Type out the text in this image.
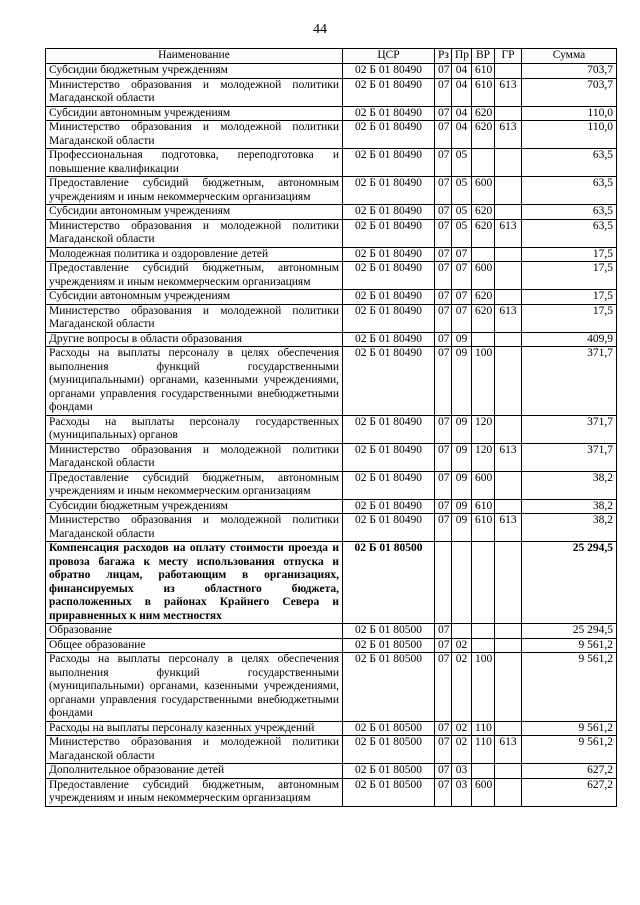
44
Наименование	ЦСР	Рз	Пр	ВР	ГР	Сумма
Субсидии бюджетным учреждениям	02 Б 01 80490	07	04	610		703,7
Министерство образования и молодежной политики Магаданской области	02 Б 01 80490	07	04	610	613	703,7
Субсидии автономным учреждениям	02 Б 01 80490	07	04	620		110,0
Министерство образования и молодежной политики Магаданской области	02 Б 01 80490	07	04	620	613	110,0
Профессиональная подготовка, переподготовка и повышение квалификации	02 Б 01 80490	07	05			63,5
Предоставление субсидий бюджетным, автономным учреждениям и иным некоммерческим организациям	02 Б 01 80490	07	05	600		63,5
Субсидии автономным учреждениям	02 Б 01 80490	07	05	620		63,5
Министерство образования и молодежной политики Магаданской области	02 Б 01 80490	07	05	620	613	63,5
Молодежная политика и оздоровление детей	02 Б 01 80490	07	07			17,5
Предоставление субсидий бюджетным, автономным учреждениям и иным некоммерческим организациям	02 Б 01 80490	07	07	600		17,5
Субсидии автономным учреждениям	02 Б 01 80490	07	07	620		17,5
Министерство образования и молодежной политики Магаданской области	02 Б 01 80490	07	07	620	613	17,5
Другие вопросы в области образования	02 Б 01 80490	07	09			409,9
Расходы на выплаты персоналу в целях обеспечения выполнения функций государственными (муниципальными) органами, казенными учреждениями, органами управления государственными внебюджетными фондами	02 Б 01 80490	07	09	100		371,7
Расходы на выплаты персоналу государственных (муниципальных) органов	02 Б 01 80490	07	09	120		371,7
Министерство образования и молодежной политики Магаданской области	02 Б 01 80490	07	09	120	613	371,7
Предоставление субсидий бюджетным, автономным учреждениям и иным некоммерческим организациям	02 Б 01 80490	07	09	600		38,2
Субсидии бюджетным учреждениям	02 Б 01 80490	07	09	610		38,2
Министерство образования и молодежной политики Магаданской области	02 Б 01 80490	07	09	610	613	38,2
Компенсация расходов на оплату стоимости проезда и провоза багажа к месту использования отпуска и обратно лицам, работающим в организациях, финансируемых из областного бюджета, расположенных в районах Крайнего Севера и приравненных к ним местностях	02 Б 01 80500					25 294,5
Образование	02 Б 01 80500	07				25 294,5
Общее образование	02 Б 01 80500	07	02			9 561,2
Расходы на выплаты персоналу в целях обеспечения выполнения функций государственными (муниципальными) органами, казенными учреждениями, органами управления государственными внебюджетными фондами	02 Б 01 80500	07	02	100		9 561,2
Расходы на выплаты персоналу казенных учреждений	02 Б 01 80500	07	02	110		9 561,2
Министерство образования и молодежной политики Магаданской области	02 Б 01 80500	07	02	110	613	9 561,2
Дополнительное образование детей	02 Б 01 80500	07	03			627,2
Предоставление субсидий бюджетным, автономным учреждениям и иным некоммерческим организациям	02 Б 01 80500	07	03	600		627,2
